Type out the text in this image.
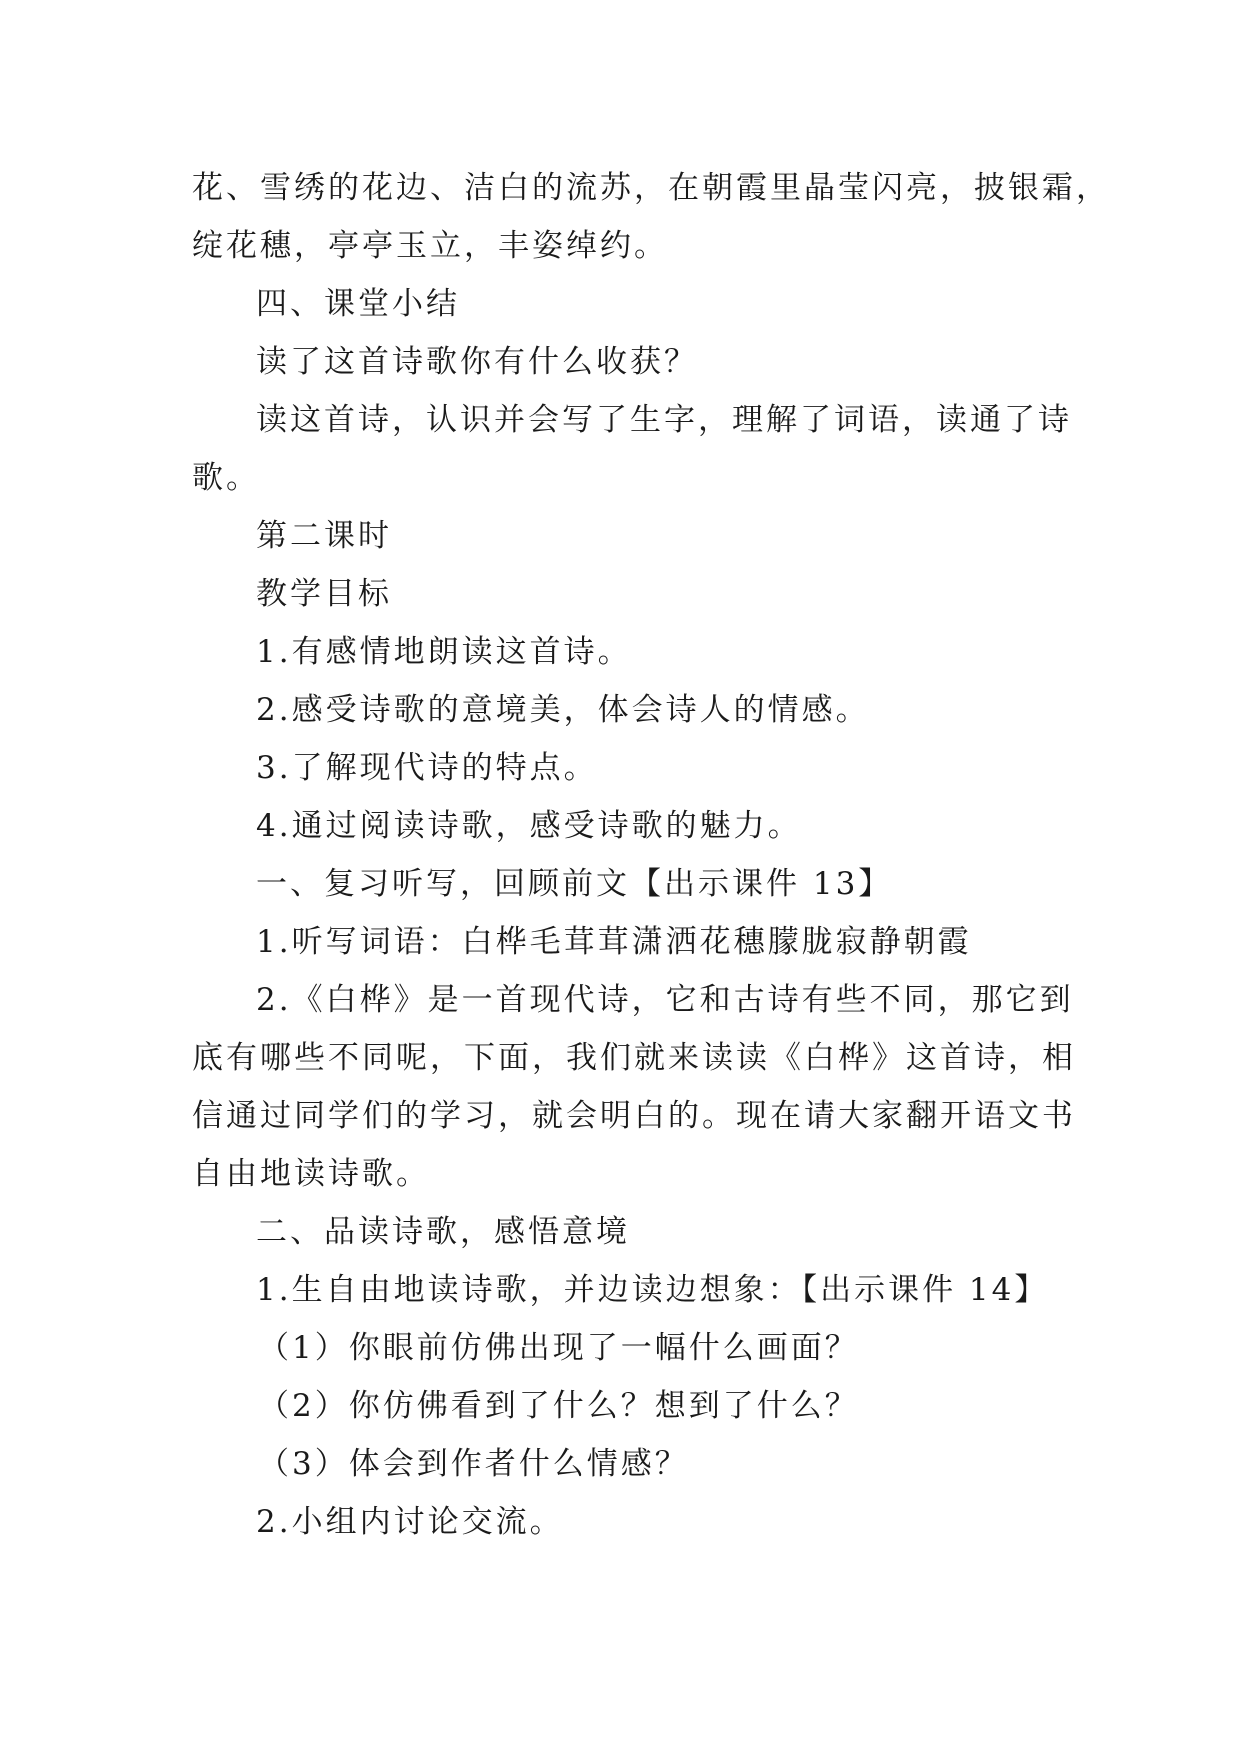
花、雪绣的花边、洁白的流苏，在朝霞里晶莹闪亮，披银霜，
绽花穗，亭亭玉立，丰姿绰约。
四、课堂小结
读了这首诗歌你有什么收获？
读这首诗，认识并会写了生字，理解了词语，读通了诗
歌。
第二课时
教学目标
1.有感情地朗读这首诗。
2.感受诗歌的意境美，体会诗人的情感。
3.了解现代诗的特点。
4.通过阅读诗歌，感受诗歌的魅力。
一、复习听写，回顾前文【出示课件 13】
1.听写词语：白桦毛茸茸潇洒花穗朦胧寂静朝霞
2.《白桦》是一首现代诗，它和古诗有些不同，那它到
底有哪些不同呢，下面，我们就来读读《白桦》这首诗，相
信通过同学们的学习，就会明白的。现在请大家翻开语文书
自由地读诗歌。
二、品读诗歌，感悟意境
1.生自由地读诗歌，并边读边想象：【出示课件 14】
（1）你眼前仿佛出现了一幅什么画面？
（2）你仿佛看到了什么？想到了什么？
（3）体会到作者什么情感？
2.小组内讨论交流。
